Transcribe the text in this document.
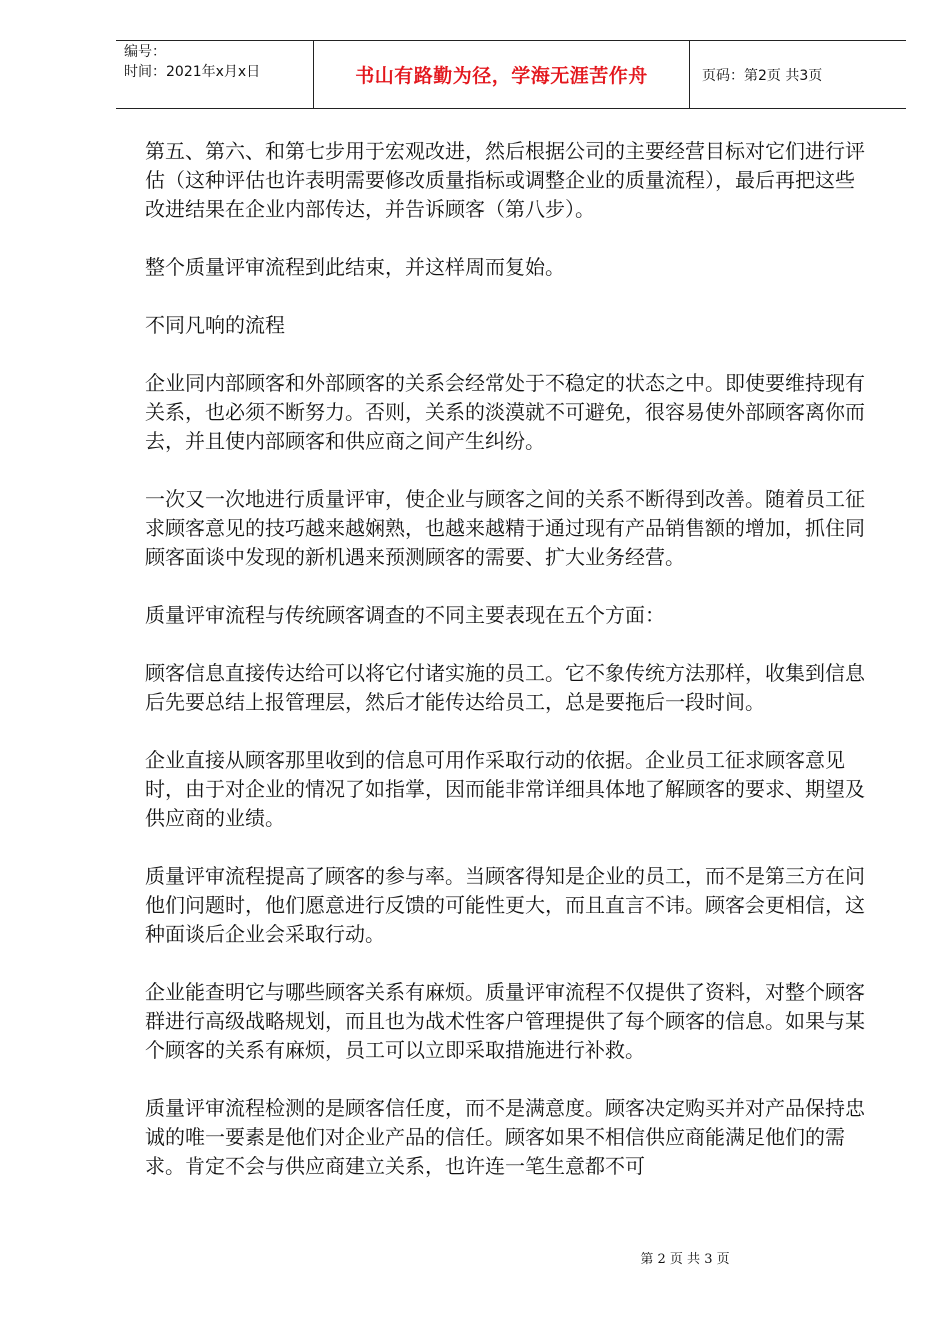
编号：
时间：2021年x月x日	书山有路勤为径，学海无涯苦作舟	页码：第2页 共3页

第五、第六、和第七步用于宏观改进，然后根据公司的主要经营目标对它们进行评估（这种评估也许表明需要修改质量指标或调整企业的质量流程），最后再把这些改进结果在企业内部传达，并告诉顾客（第八步）。

整个质量评审流程到此结束，并这样周而复始。

不同凡响的流程

企业同内部顾客和外部顾客的关系会经常处于不稳定的状态之中。即使要维持现有关系，也必须不断努力。否则，关系的淡漠就不可避免，很容易使外部顾客离你而去，并且使内部顾客和供应商之间产生纠纷。

一次又一次地进行质量评审，使企业与顾客之间的关系不断得到改善。随着员工征求顾客意见的技巧越来越娴熟，也越来越精于通过现有产品销售额的增加，抓住同顾客面谈中发现的新机遇来预测顾客的需要、扩大业务经营。

质量评审流程与传统顾客调查的不同主要表现在五个方面：

顾客信息直接传达给可以将它付诸实施的员工。它不象传统方法那样，收集到信息后先要总结上报管理层，然后才能传达给员工，总是要拖后一段时间。

企业直接从顾客那里收到的信息可用作采取行动的依据。企业员工征求顾客意见时，由于对企业的情况了如指掌，因而能非常详细具体地了解顾客的要求、期望及供应商的业绩。

质量评审流程提高了顾客的参与率。当顾客得知是企业的员工，而不是第三方在问他们问题时，他们愿意进行反馈的可能性更大，而且直言不讳。顾客会更相信，这种面谈后企业会采取行动。

企业能查明它与哪些顾客关系有麻烦。质量评审流程不仅提供了资料，对整个顾客群进行高级战略规划，而且也为战术性客户管理提供了每个顾客的信息。如果与某个顾客的关系有麻烦，员工可以立即采取措施进行补救。

质量评审流程检测的是顾客信任度，而不是满意度。顾客决定购买并对产品保持忠诚的唯一要素是他们对企业产品的信任。顾客如果不相信供应商能满足他们的需求。肯定不会与供应商建立关系，也许连一笔生意都不可

第 2 页 共 3 页
